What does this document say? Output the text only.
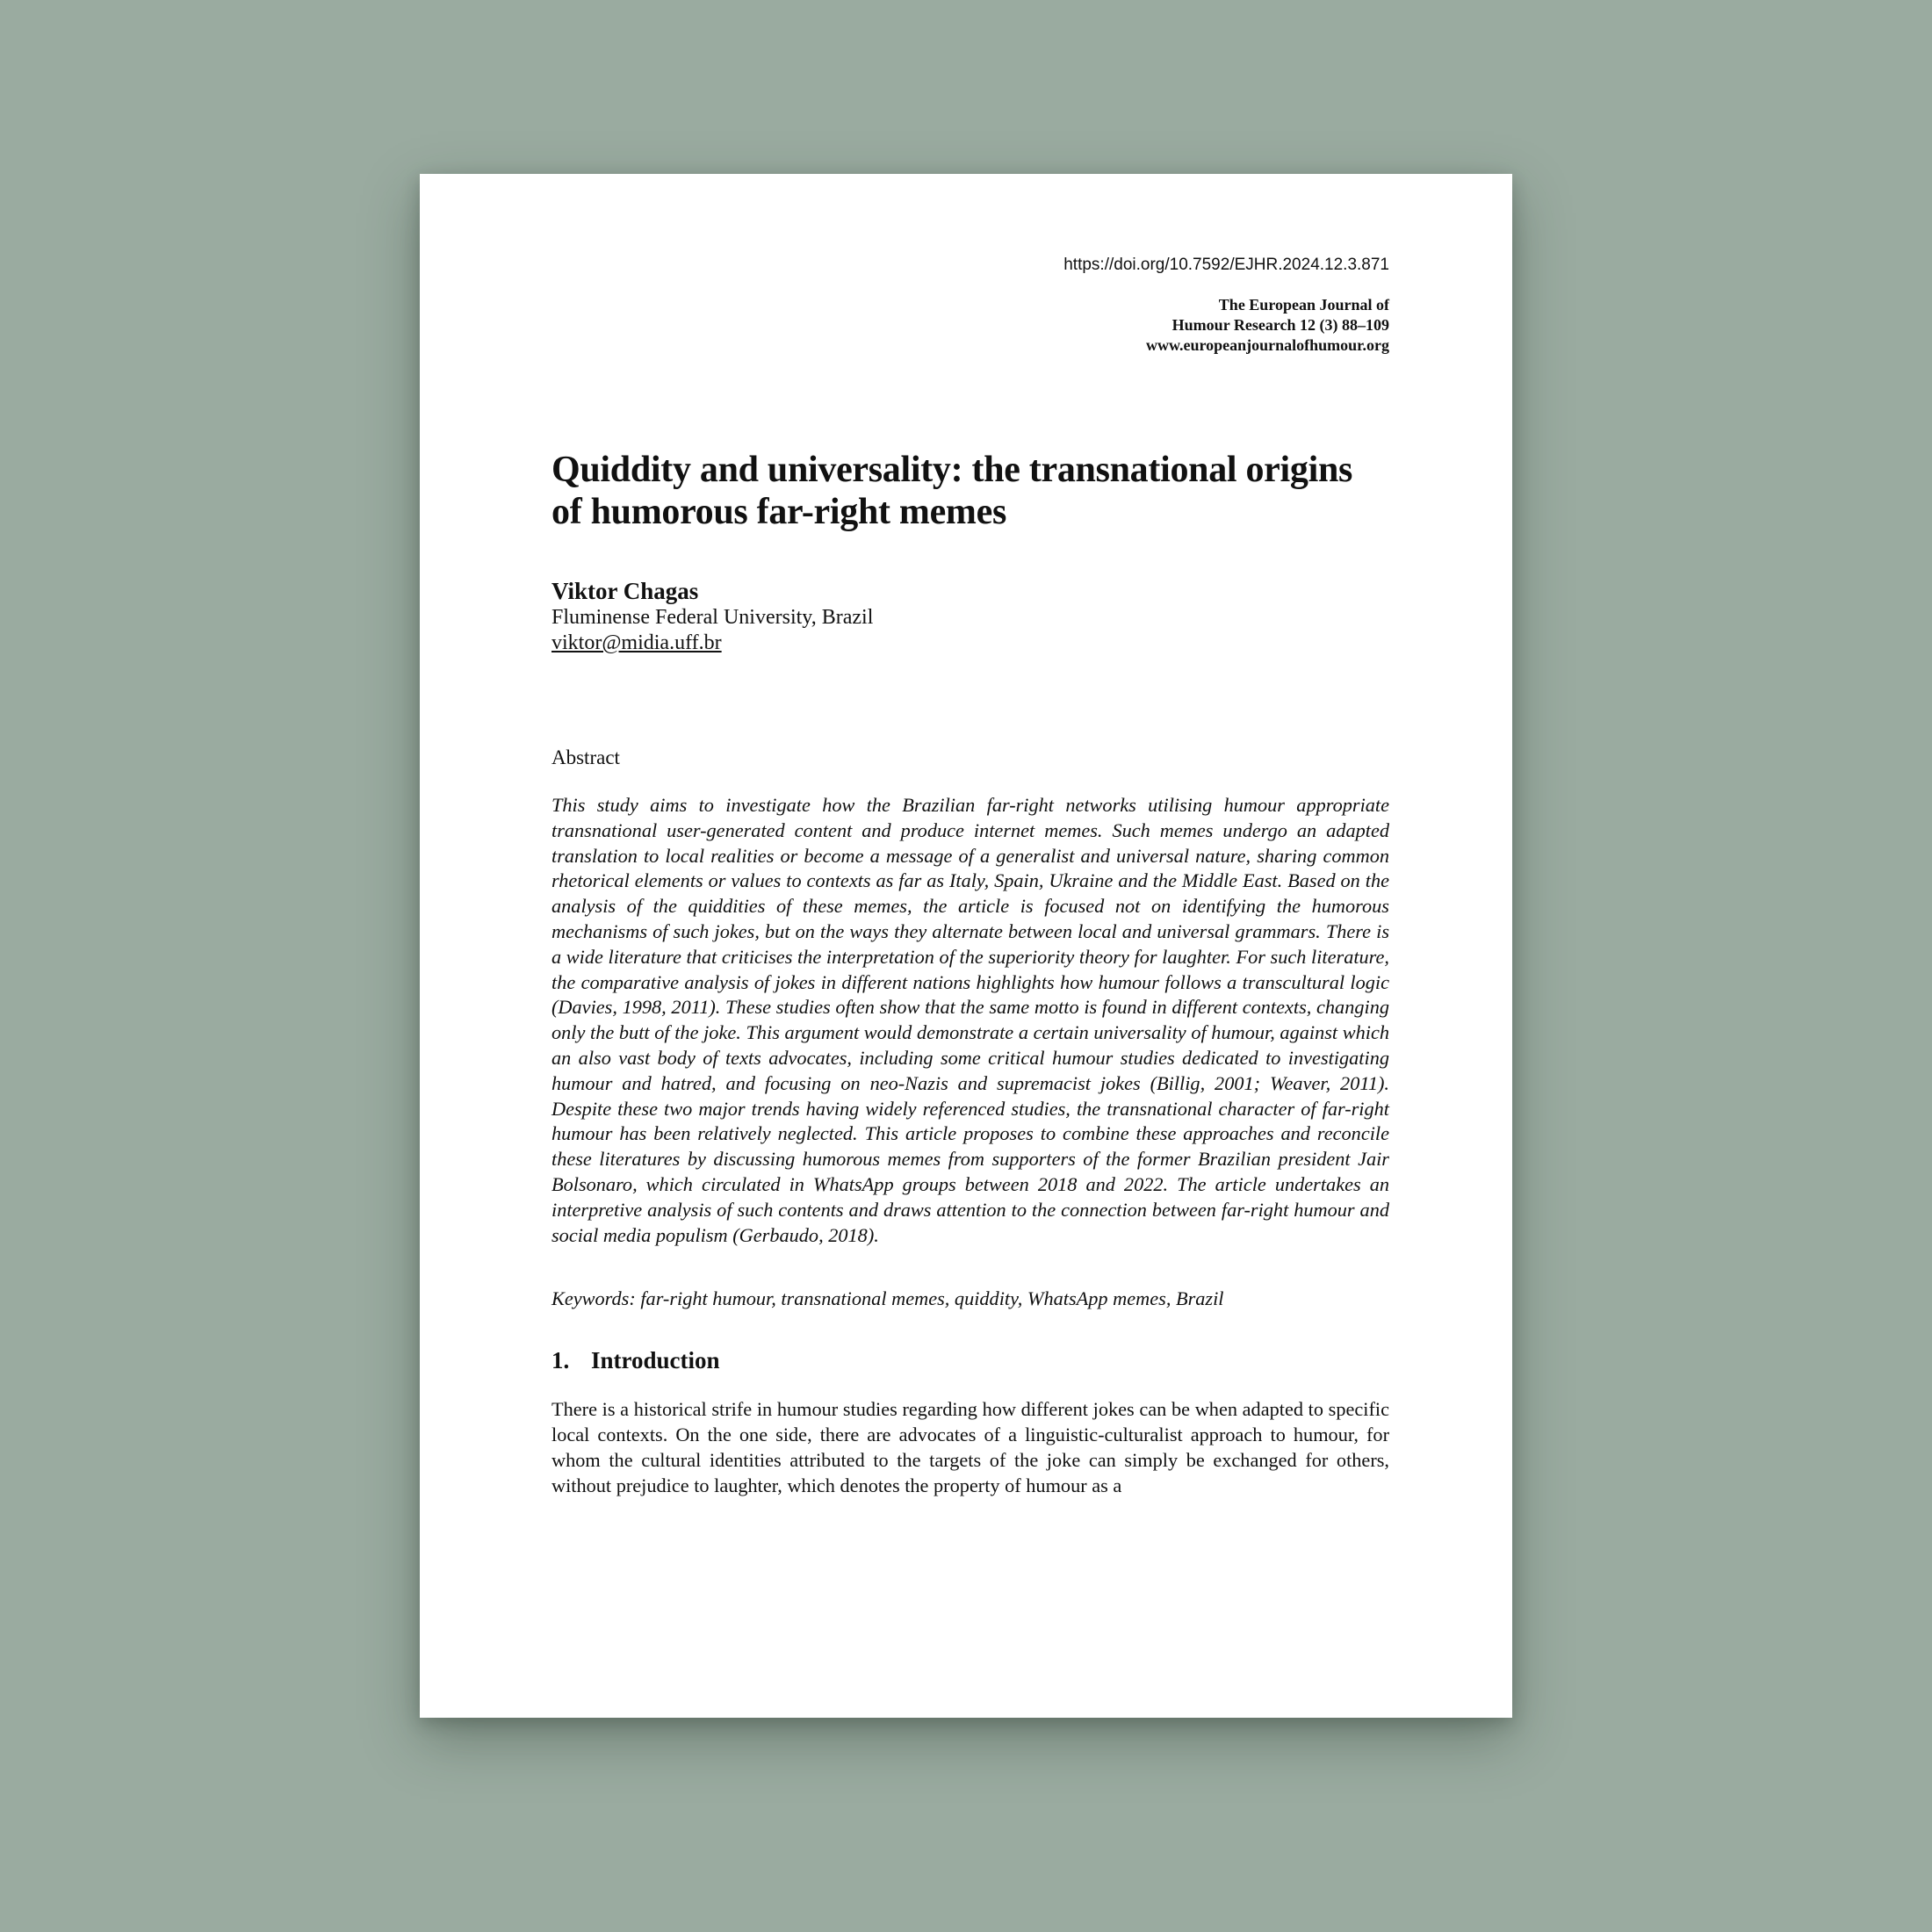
https://doi.org/10.7592/EJHR.2024.12.3.871

The European Journal of
Humour Research 12 (3) 88–109
www.europeanjournalofhumour.org
Quiddity and universality: the transnational origins of humorous far-right memes
Viktor Chagas
Fluminense Federal University, Brazil
viktor@midia.uff.br
Abstract
This study aims to investigate how the Brazilian far-right networks utilising humour appropriate transnational user-generated content and produce internet memes. Such memes undergo an adapted translation to local realities or become a message of a generalist and universal nature, sharing common rhetorical elements or values to contexts as far as Italy, Spain, Ukraine and the Middle East. Based on the analysis of the quiddities of these memes, the article is focused not on identifying the humorous mechanisms of such jokes, but on the ways they alternate between local and universal grammars. There is a wide literature that criticises the interpretation of the superiority theory for laughter. For such literature, the comparative analysis of jokes in different nations highlights how humour follows a transcultural logic (Davies, 1998, 2011). These studies often show that the same motto is found in different contexts, changing only the butt of the joke. This argument would demonstrate a certain universality of humour, against which an also vast body of texts advocates, including some critical humour studies dedicated to investigating humour and hatred, and focusing on neo-Nazis and supremacist jokes (Billig, 2001; Weaver, 2011). Despite these two major trends having widely referenced studies, the transnational character of far-right humour has been relatively neglected. This article proposes to combine these approaches and reconcile these literatures by discussing humorous memes from supporters of the former Brazilian president Jair Bolsonaro, which circulated in WhatsApp groups between 2018 and 2022. The article undertakes an interpretive analysis of such contents and draws attention to the connection between far-right humour and social media populism (Gerbaudo, 2018).
Keywords: far-right humour, transnational memes, quiddity, WhatsApp memes, Brazil
1. Introduction
There is a historical strife in humour studies regarding how different jokes can be when adapted to specific local contexts. On the one side, there are advocates of a linguistic-culturalist approach to humour, for whom the cultural identities attributed to the targets of the joke can simply be exchanged for others, without prejudice to laughter, which denotes the property of humour as a
